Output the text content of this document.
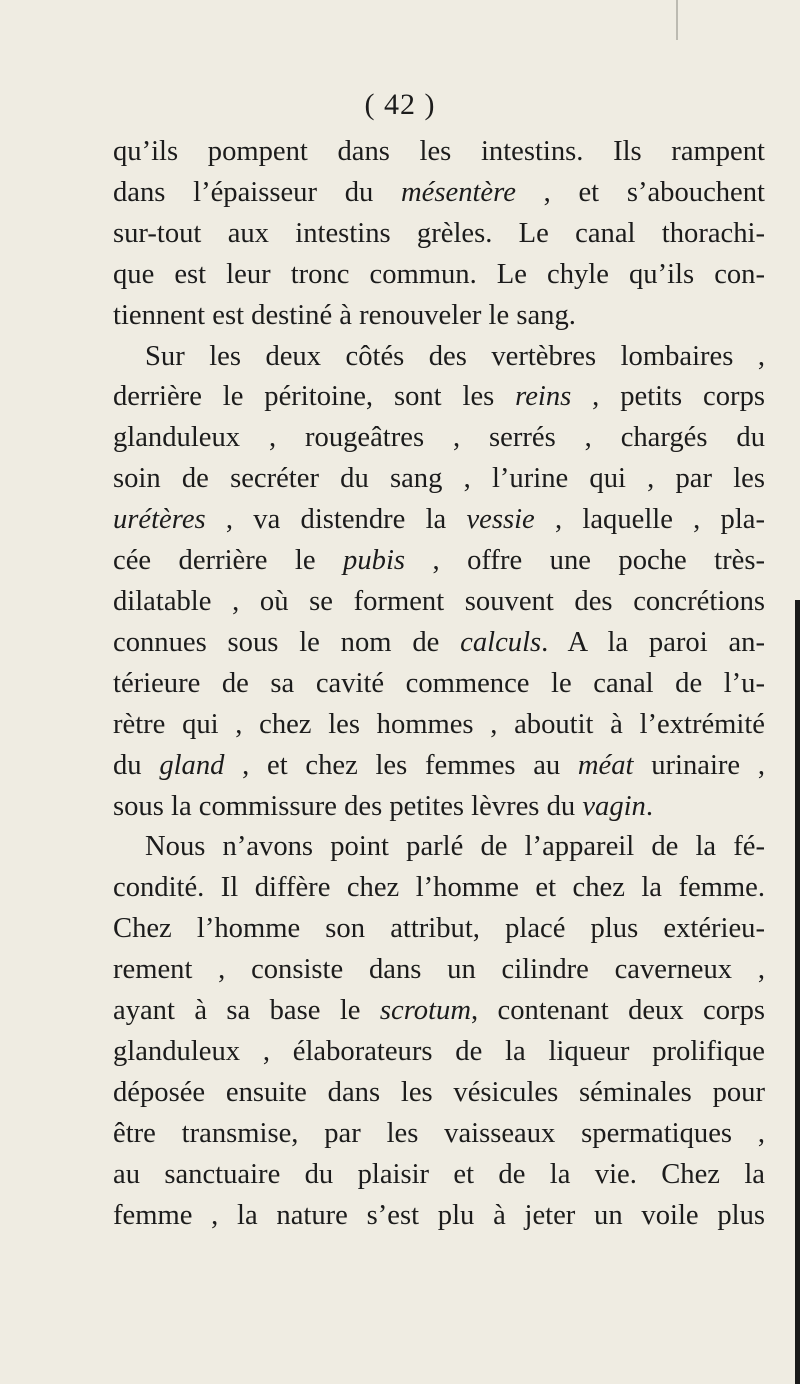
( 42 )
qu’ils pompent dans les intestins. Ils rampent
dans l’épaisseur du mésentère , et s’abouchent
sur-tout aux intestins grèles. Le canal thorachi-
que est leur tronc commun. Le chyle qu’ils con-
tiennent est destiné à renouveler le sang.
Sur les deux côtés des vertèbres lombaires ,
derrière le péritoine, sont les reins , petits corps
glanduleux , rougeâtres , serrés , chargés du
soin de secréter du sang , l’urine qui , par les
urétères , va distendre la vessie , laquelle , pla-
cée derrière le pubis , offre une poche très-
dilatable , où se forment souvent des concrétions
connues sous le nom de calculs. A la paroi an-
térieure de sa cavité commence le canal de l’u-
rètre qui , chez les hommes , aboutit à l’extrémité
du gland , et chez les femmes au méat urinaire ,
sous la commissure des petites lèvres du vagin.
Nous n’avons point parlé de l’appareil de la fé-
condité. Il diffère chez l’homme et chez la femme.
Chez l’homme son attribut, placé plus extérieu-
rement , consiste dans un cilindre caverneux ,
ayant à sa base le scrotum, contenant deux corps
glanduleux , élaborateurs de la liqueur prolifique
déposée ensuite dans les vésicules séminales pour
être transmise, par les vaisseaux spermatiques ,
au sanctuaire du plaisir et de la vie. Chez la
femme , la nature s’est plu à jeter un voile plus
